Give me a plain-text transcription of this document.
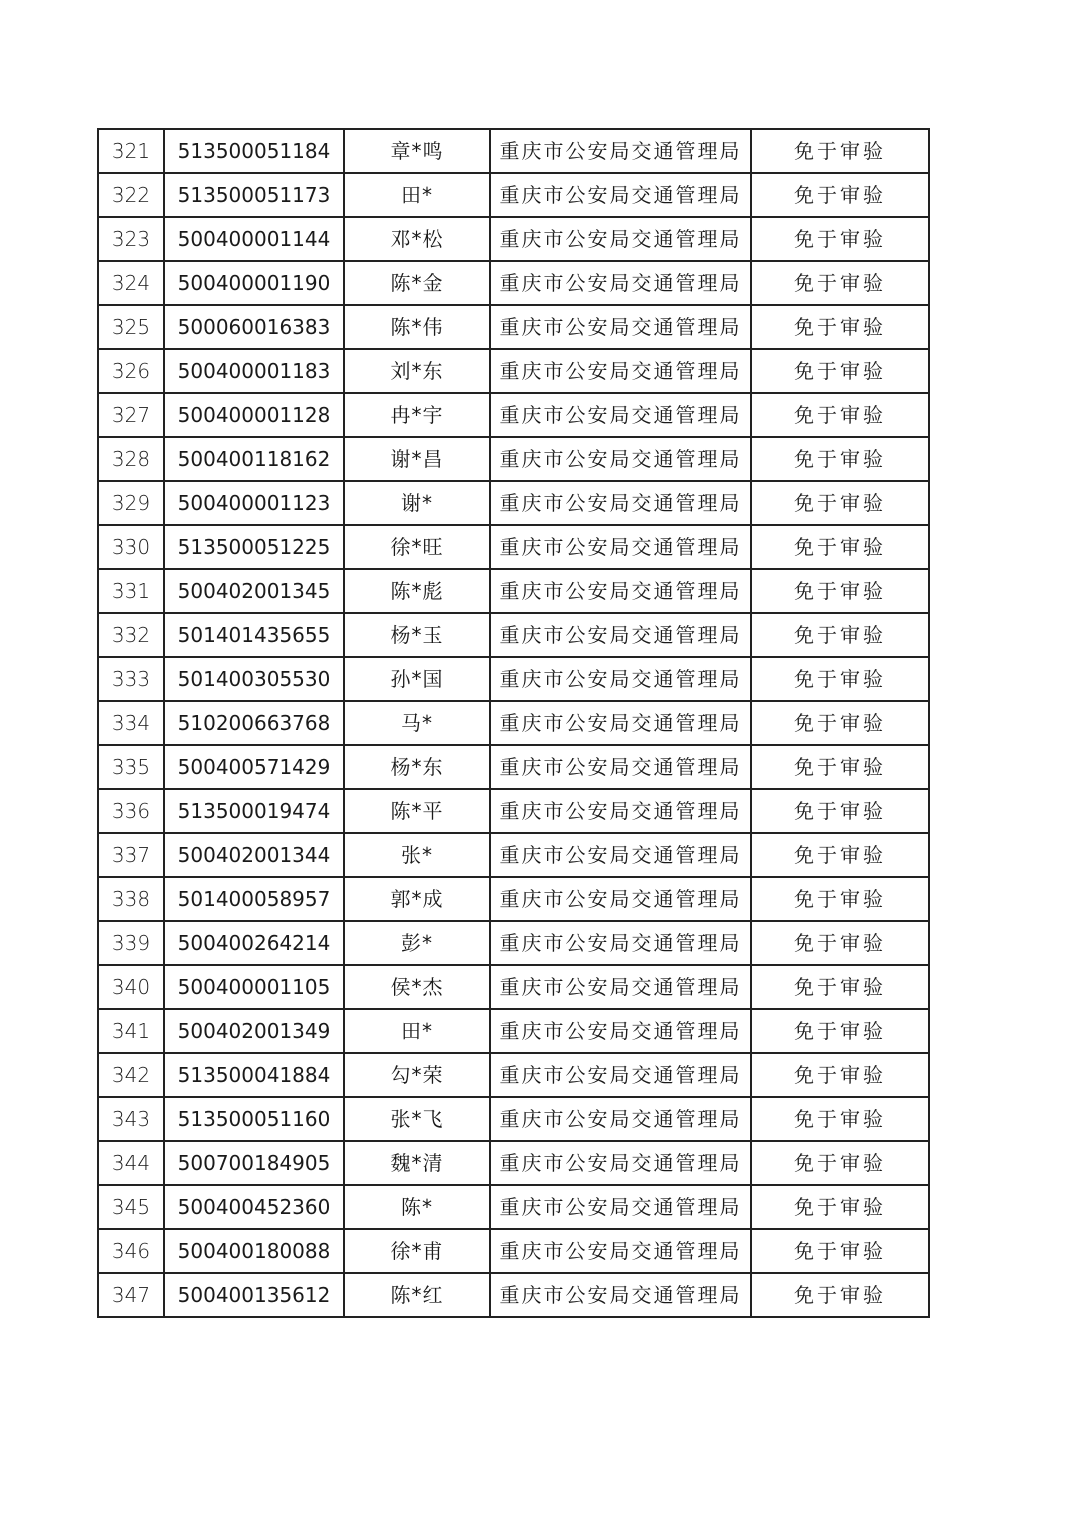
321	513500051184	章*鸣	重庆市公安局交通管理局	免于审验
322	513500051173	田*	重庆市公安局交通管理局	免于审验
323	500400001144	邓*松	重庆市公安局交通管理局	免于审验
324	500400001190	陈*金	重庆市公安局交通管理局	免于审验
325	500060016383	陈*伟	重庆市公安局交通管理局	免于审验
326	500400001183	刘*东	重庆市公安局交通管理局	免于审验
327	500400001128	冉*宇	重庆市公安局交通管理局	免于审验
328	500400118162	谢*昌	重庆市公安局交通管理局	免于审验
329	500400001123	谢*	重庆市公安局交通管理局	免于审验
330	513500051225	徐*旺	重庆市公安局交通管理局	免于审验
331	500402001345	陈*彪	重庆市公安局交通管理局	免于审验
332	501401435655	杨*玉	重庆市公安局交通管理局	免于审验
333	501400305530	孙*国	重庆市公安局交通管理局	免于审验
334	510200663768	马*	重庆市公安局交通管理局	免于审验
335	500400571429	杨*东	重庆市公安局交通管理局	免于审验
336	513500019474	陈*平	重庆市公安局交通管理局	免于审验
337	500402001344	张*	重庆市公安局交通管理局	免于审验
338	501400058957	郭*成	重庆市公安局交通管理局	免于审验
339	500400264214	彭*	重庆市公安局交通管理局	免于审验
340	500400001105	侯*杰	重庆市公安局交通管理局	免于审验
341	500402001349	田*	重庆市公安局交通管理局	免于审验
342	513500041884	勾*荣	重庆市公安局交通管理局	免于审验
343	513500051160	张*飞	重庆市公安局交通管理局	免于审验
344	500700184905	魏*清	重庆市公安局交通管理局	免于审验
345	500400452360	陈*	重庆市公安局交通管理局	免于审验
346	500400180088	徐*甫	重庆市公安局交通管理局	免于审验
347	500400135612	陈*红	重庆市公安局交通管理局	免于审验
